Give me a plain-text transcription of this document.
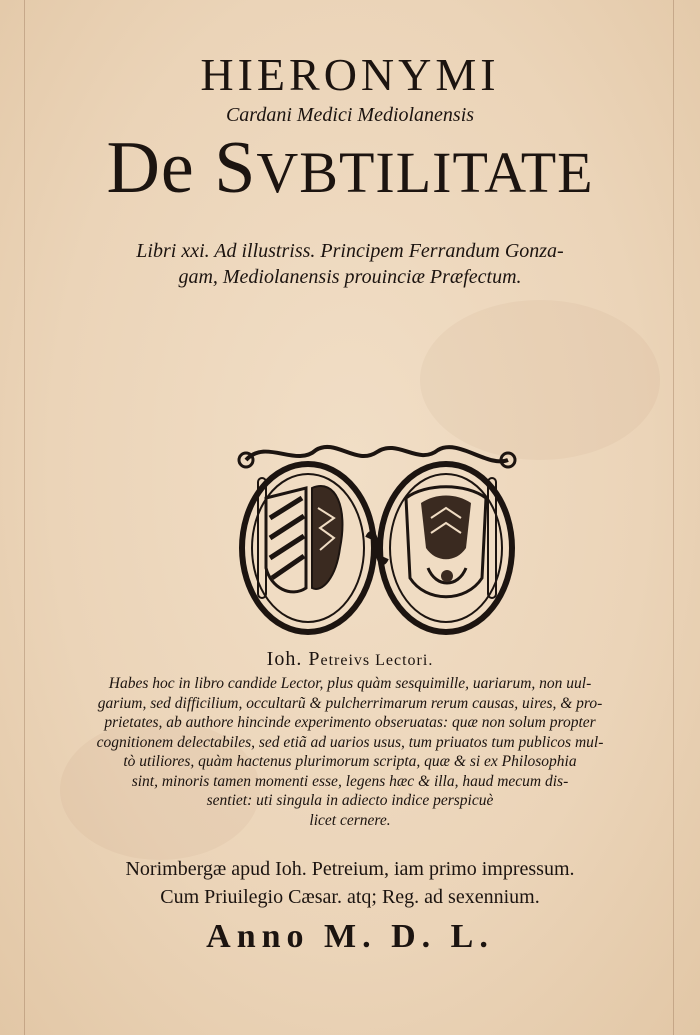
HIERONYMI
Cardani Medici Mediolanensis
De SVBTILITATE
Libri xxi. Ad illustriss. Principem Ferrandum Gonza-
gam, Mediolanensis prouinciæ Præfectum.
Ioh. Petreivs Lectori.
Habes hoc in libro candide Lector, plus quàm sesquimille, uariarum, non uul-
garium, sed difficilium, occultarũ & pulcherrimarum rerum causas, uires, & pro-
prietates, ab authore hincinde experimento obseruatas: quæ non solum propter
cognitionem delectabiles, sed etiã ad uarios usus, tum priuatos tum publicos mul-
tò utiliores, quàm hactenus plurimorum scripta, quæ & si ex Philosophia
sint, minoris tamen momenti esse, legens hæc & illa, haud mecum dis-
sentiet: uti singula in adiecto indice perspicuè
licet cernere.
Norimbergæ apud Ioh. Petreium, iam primo impressum.
Cum Priuilegio Cæsar. atq; Reg. ad sexennium.
Anno M. D. L.
